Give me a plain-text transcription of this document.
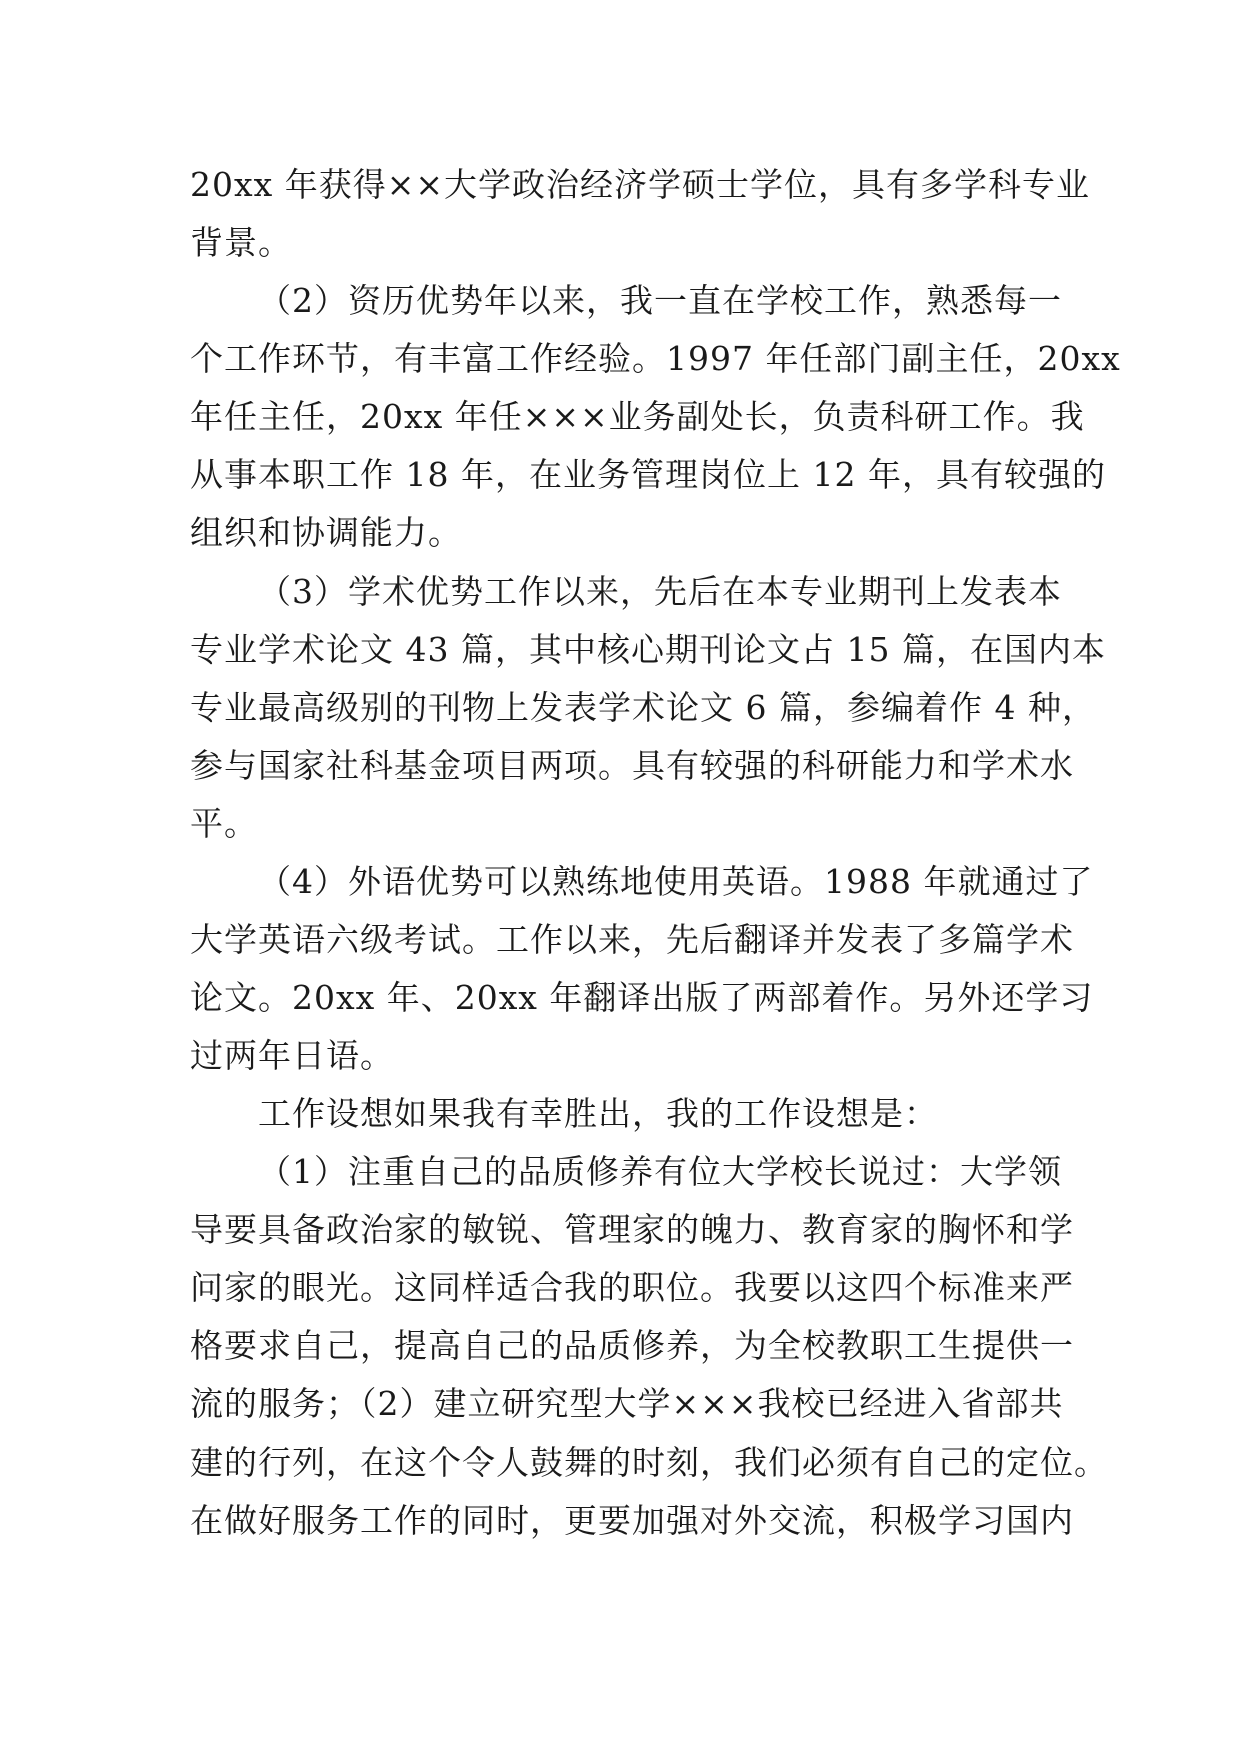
20xx 年获得××大学政治经济学硕士学位，具有多学科专业

背景。

（2）资历优势年以来，我一直在学校工作，熟悉每一

个工作环节，有丰富工作经验。1997 年任部门副主任，20xx

年任主任，20xx 年任×××业务副处长，负责科研工作。我

从事本职工作 18 年，在业务管理岗位上 12 年，具有较强的

组织和协调能力。

（3）学术优势工作以来，先后在本专业期刊上发表本

专业学术论文 43 篇，其中核心期刊论文占 15 篇，在国内本

专业最高级别的刊物上发表学术论文 6 篇，参编着作 4 种，

参与国家社科基金项目两项。具有较强的科研能力和学术水

平。

（4）外语优势可以熟练地使用英语。1988 年就通过了

大学英语六级考试。工作以来，先后翻译并发表了多篇学术

论文。20xx 年、20xx 年翻译出版了两部着作。另外还学习

过两年日语。

工作设想如果我有幸胜出，我的工作设想是：

（1）注重自己的品质修养有位大学校长说过：大学领

导要具备政治家的敏锐、管理家的魄力、教育家的胸怀和学

问家的眼光。这同样适合我的职位。我要以这四个标准来严

格要求自己，提高自己的品质修养，为全校教职工生提供一

流的服务；（2）建立研究型大学×××我校已经进入省部共

建的行列，在这个令人鼓舞的时刻，我们必须有自己的定位。

在做好服务工作的同时，更要加强对外交流，积极学习国内
